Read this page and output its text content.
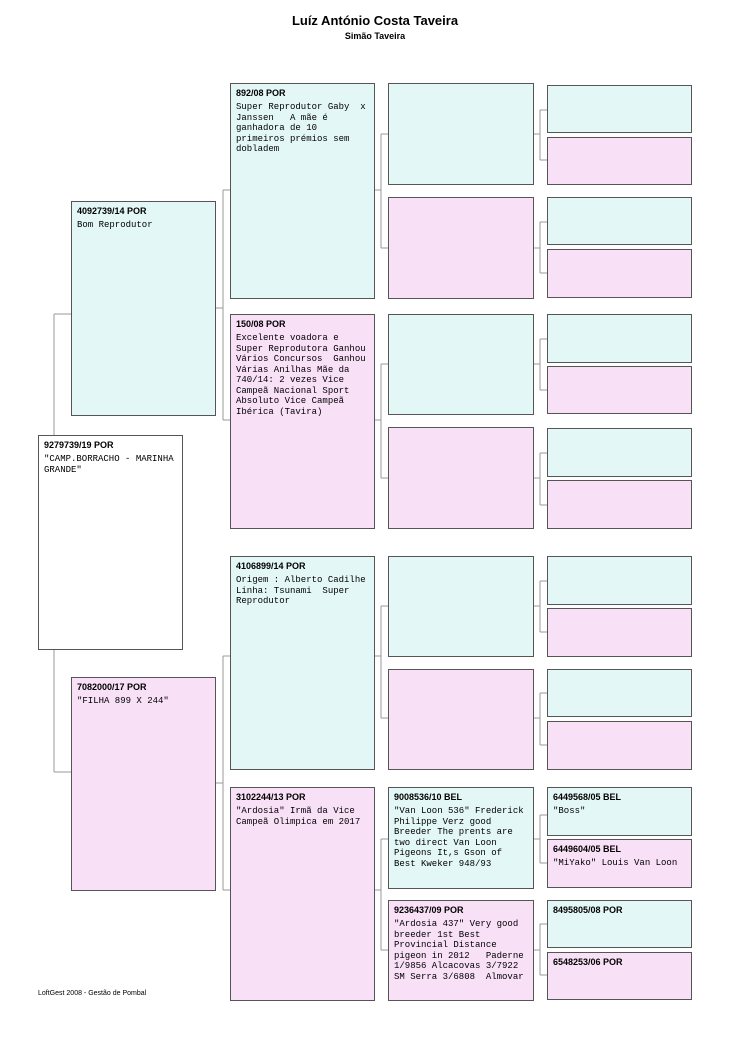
Luíz António Costa Taveira
Simão Taveira
9279739/19 POR
"CAMP.BORRACHO - MARINHA GRANDE"
4092739/14 POR
Bom Reprodutor
7082000/17 POR
"FILHA 899 X 244"
892/08 POR
Super Reprodutor Gaby  x Janssen   A mãe é ganhadora de 10 primeiros prémios sem dobladem
150/08 POR
Excelente voadora e Super Reprodutora Ganhou Vários Concursos  Ganhou Várias Anilhas Mãe da 740/14: 2 vezes Vice Campeã Nacional Sport Absoluto Vice Campeã Ibérica (Tavira)
4106899/14 POR
Origem : Alberto Cadilhe Linha: Tsunami  Super Reprodutor
3102244/13 POR
"Ardosia" Irmã da Vice Campeã Olimpica em 2017
9008536/10 BEL
"Van Loon 536" Frederick Philippe Verz good Breeder The prents are two direct Van Loon Pigeons It,s Gson of Best Kweker 948/93
9236437/09 POR
"Ardosia 437" Very good breeder 1st Best Provincial Distance pigeon in 2012   Paderne 1/9856 Alcacovas 3/7922  SM Serra 3/6808  Almovar
6449568/05 BEL
"Boss"
6449604/05 BEL
"MiYako" Louis Van Loon
8495805/08 POR
6548253/06 POR
LoftGest 2008 - Gestão de Pombal
